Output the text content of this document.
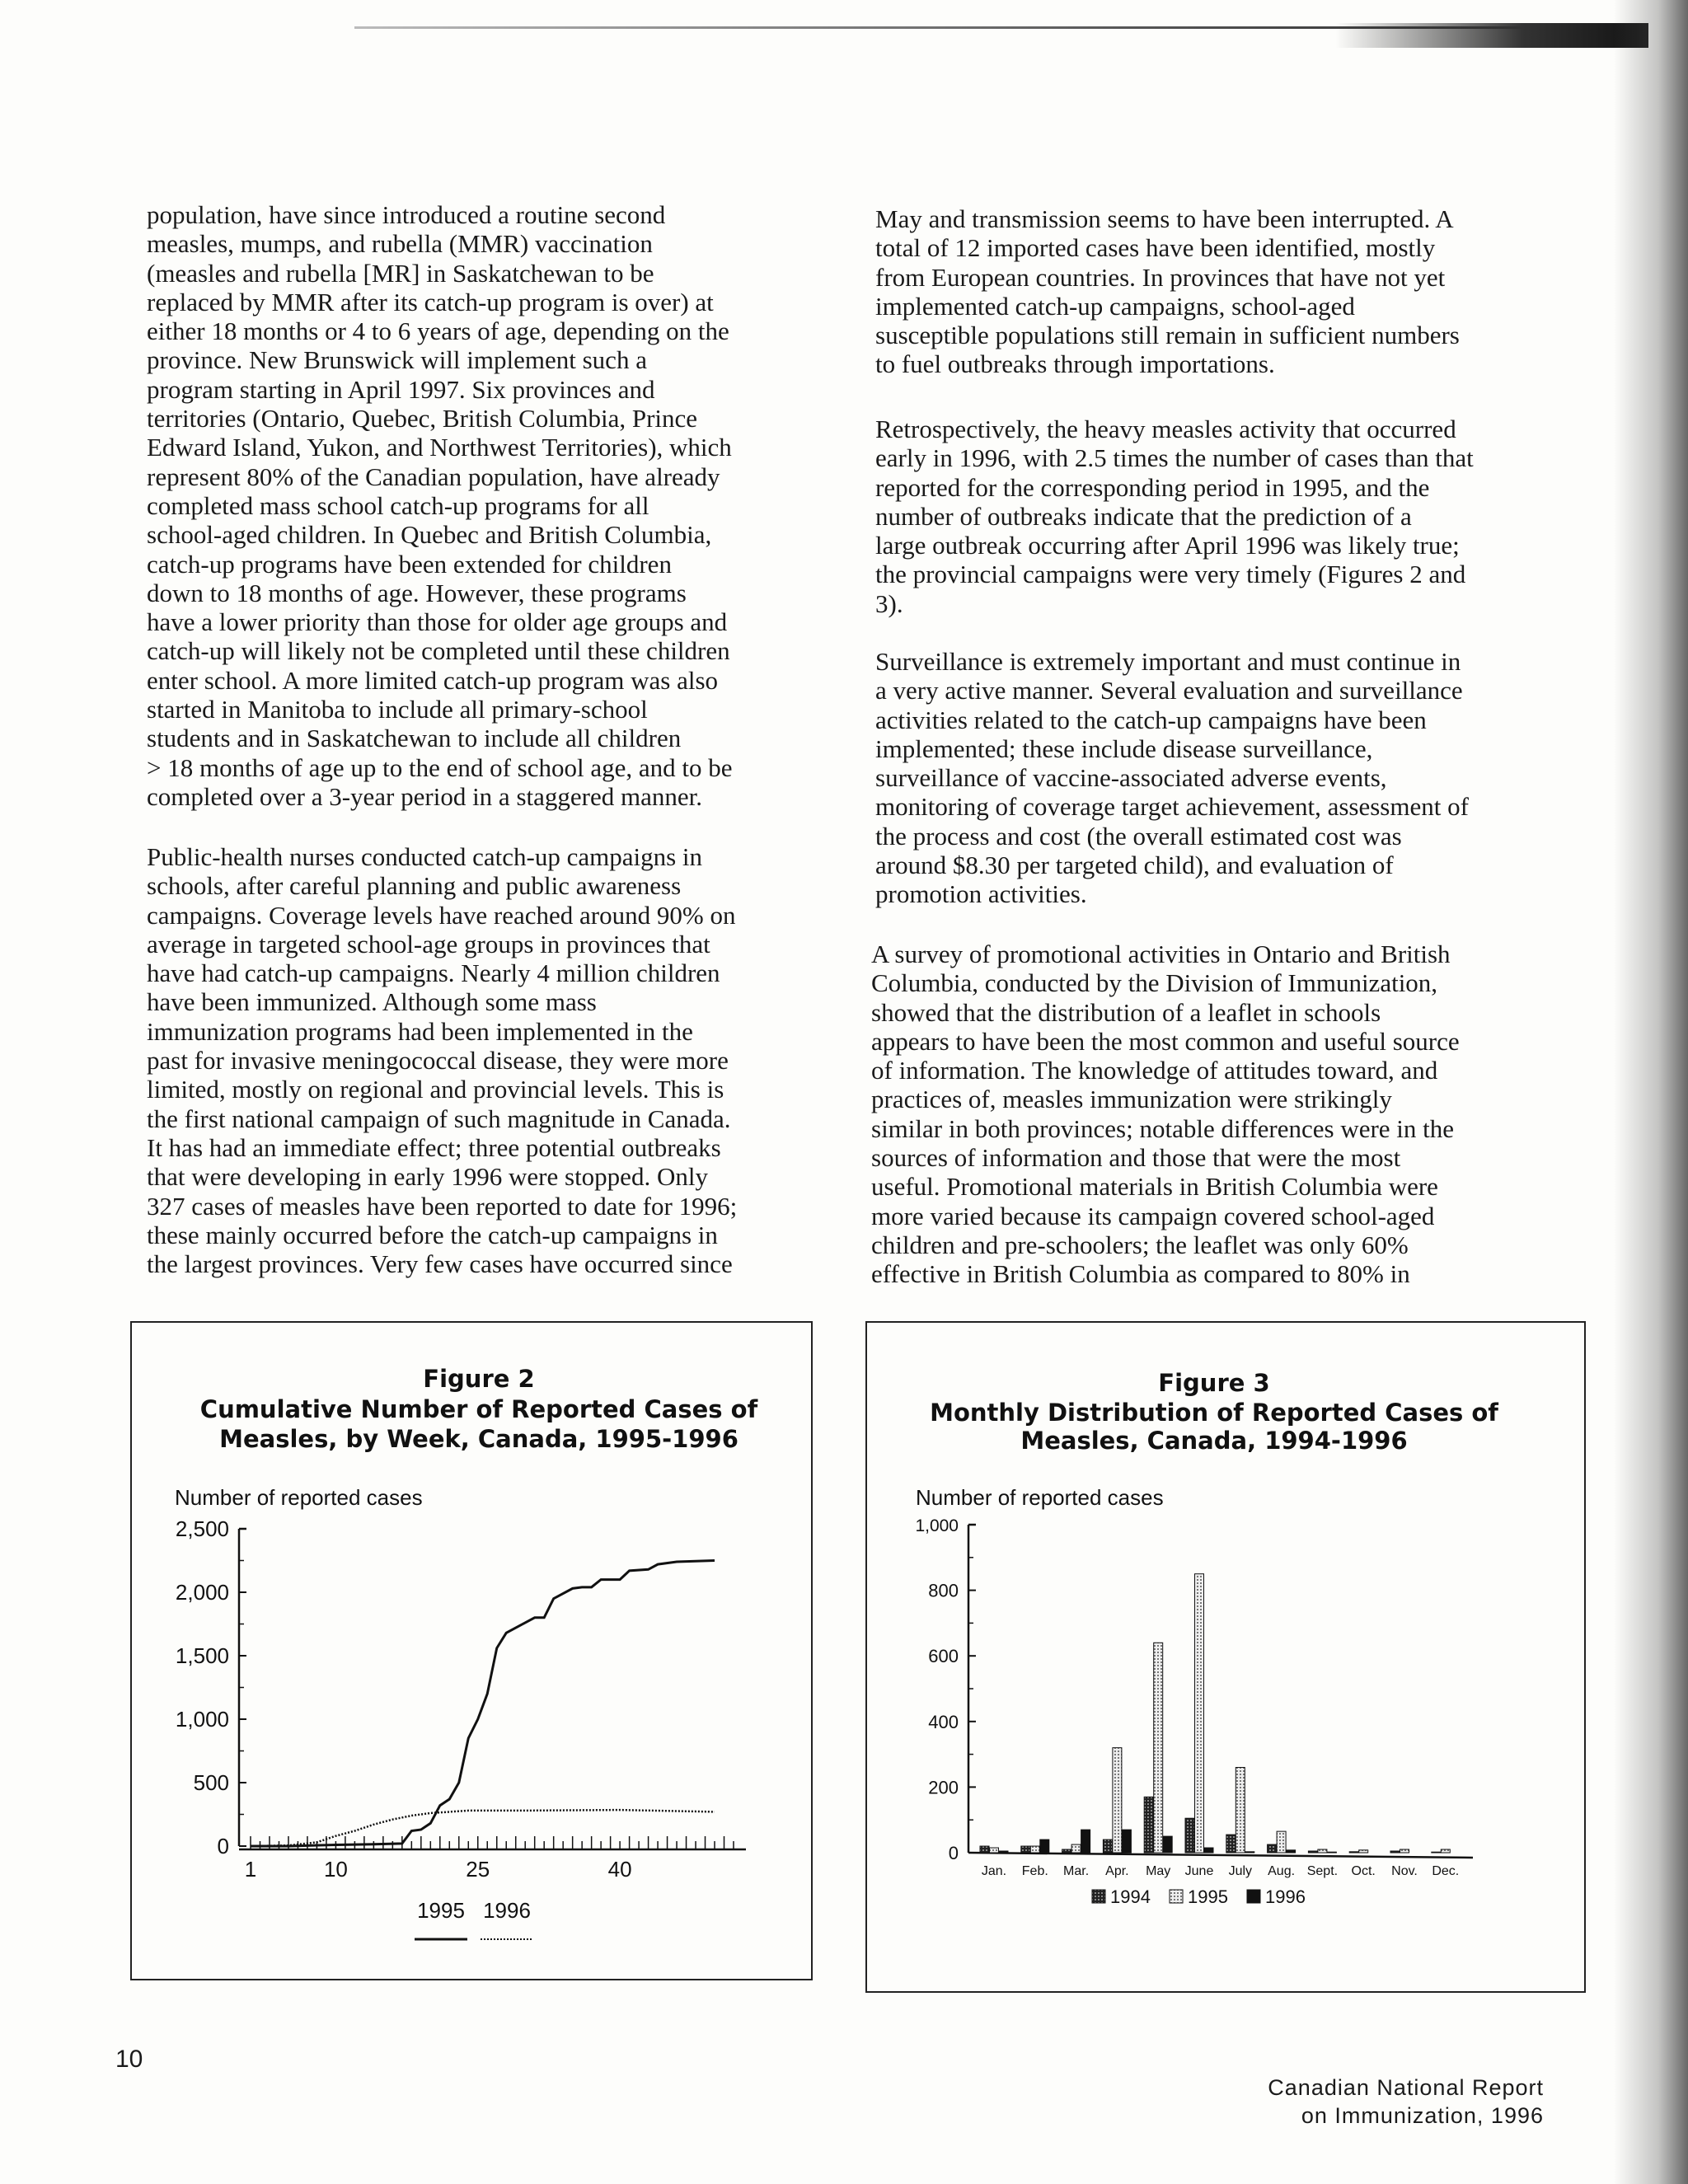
population, have since introduced a routine second
measles, mumps, and rubella (MMR) vaccination
(measles and rubella [MR] in Saskatchewan to be
replaced by MMR after its catch-up program is over) at
either 18 months or 4 to 6 years of age, depending on the
province. New Brunswick will implement such a
program starting in April 1997. Six provinces and
territories (Ontario, Quebec, British Columbia, Prince
Edward Island, Yukon, and Northwest Territories), which
represent 80% of the Canadian population, have already
completed mass school catch-up programs for all
school-aged children. In Quebec and British Columbia,
catch-up programs have been extended for children
down to 18 months of age. However, these programs
have a lower priority than those for older age groups and
catch-up will likely not be completed until these children
enter school. A more limited catch-up program was also
started in Manitoba to include all primary-school
students and in Saskatchewan to include all children
> 18 months of age up to the end of school age, and to be
completed over a 3-year period in a staggered manner.
Public-health nurses conducted catch-up campaigns in
schools, after careful planning and public awareness
campaigns. Coverage levels have reached around 90% on
average in targeted school-age groups in provinces that
have had catch-up campaigns. Nearly 4 million children
have been immunized. Although some mass
immunization programs had been implemented in the
past for invasive meningococcal disease, they were more
limited, mostly on regional and provincial levels. This is
the first national campaign of such magnitude in Canada.
It has had an immediate effect; three potential outbreaks
that were developing in early 1996 were stopped. Only
327 cases of measles have been reported to date for 1996;
these mainly occurred before the catch-up campaigns in
the largest provinces. Very few cases have occurred since
May and transmission seems to have been interrupted. A
total of 12 imported cases have been identified, mostly
from European countries. In provinces that have not yet
implemented catch-up campaigns, school-aged
susceptible populations still remain in sufficient numbers
to fuel outbreaks through importations.
Retrospectively, the heavy measles activity that occurred
early in 1996, with 2.5 times the number of cases than that
reported for the corresponding period in 1995, and the
number of outbreaks indicate that the prediction of a
large outbreak occurring after April 1996 was likely true;
the provincial campaigns were very timely (Figures 2 and
3).
Surveillance is extremely important and must continue in
a very active manner. Several evaluation and surveillance
activities related to the catch-up campaigns have been
implemented; these include disease surveillance,
surveillance of vaccine-associated adverse events,
monitoring of coverage target achievement, assessment of
the process and cost (the overall estimated cost was
around $8.30 per targeted child), and evaluation of
promotion activities.
A survey of promotional activities in Ontario and British
Columbia, conducted by the Division of Immunization,
showed that the distribution of a leaflet in schools
appears to have been the most common and useful source
of information. The knowledge of attitudes toward, and
practices of, measles immunization were strikingly
similar in both provinces; notable differences were in the
sources of information and those that were the most
useful. Promotional materials in British Columbia were
more varied because its campaign covered school-aged
children and pre-schoolers; the leaflet was only 60%
effective in British Columbia as compared to 80% in
Figure 2
Cumulative Number of Reported Cases of
Measles, by Week, Canada, 1995-1996
Number of reported cases
0
500
1,000
1,500
2,000
2,500
1	10	25	40
1995 1996
Figure 3
Monthly Distribution of Reported Cases of
Measles, Canada, 1994-1996
Number of reported cases
0
200
400
600
800
1,000
Jan. Feb. Mar. Apr. May June July Aug. Sept. Oct. Nov. Dec.
1994 1995 1996
10
Canadian National Report
on Immunization, 1996
